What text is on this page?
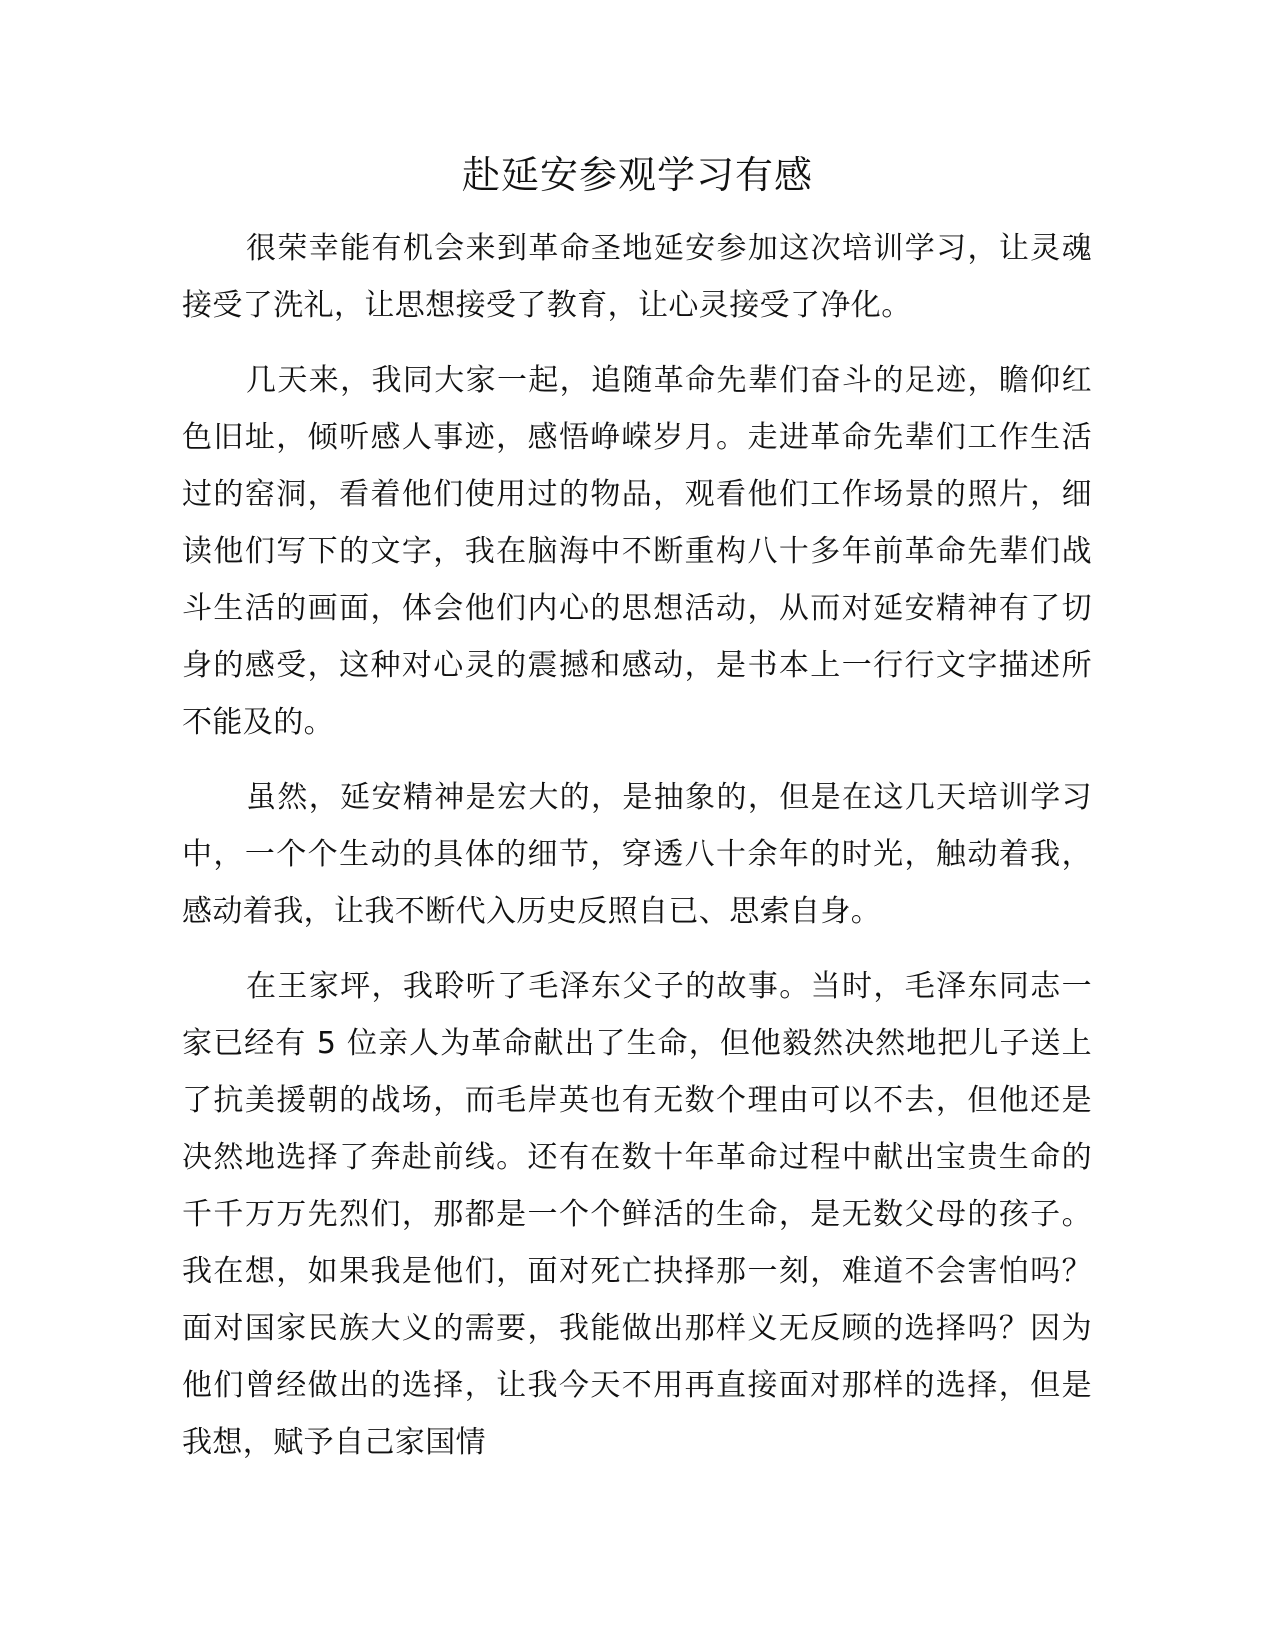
赴延安参观学习有感

很荣幸能有机会来到革命圣地延安参加这次培训学习，让灵魂接受了洗礼，让思想接受了教育，让心灵接受了净化。

几天来，我同大家一起，追随革命先辈们奋斗的足迹，瞻仰红色旧址，倾听感人事迹，感悟峥嵘岁月。走进革命先辈们工作生活过的窑洞，看着他们使用过的物品，观看他们工作场景的照片，细读他们写下的文字，我在脑海中不断重构八十多年前革命先辈们战斗生活的画面，体会他们内心的思想活动，从而对延安精神有了切身的感受，这种对心灵的震撼和感动，是书本上一行行文字描述所不能及的。

虽然，延安精神是宏大的，是抽象的，但是在这几天培训学习中，一个个生动的具体的细节，穿透八十余年的时光，触动着我，感动着我，让我不断代入历史反照自已、思索自身。

在王家坪，我聆听了毛泽东父子的故事。当时，毛泽东同志一家已经有 5 位亲人为革命献出了生命，但他毅然决然地把儿子送上了抗美援朝的战场，而毛岸英也有无数个理由可以不去，但他还是决然地选择了奔赴前线。还有在数十年革命过程中献出宝贵生命的千千万万先烈们，那都是一个个鲜活的生命，是无数父母的孩子。我在想，如果我是他们，面对死亡抉择那一刻，难道不会害怕吗？面对国家民族大义的需要，我能做出那样义无反顾的选择吗？因为他们曾经做出的选择，让我今天不用再直接面对那样的选择，但是我想，赋予自己家国情
